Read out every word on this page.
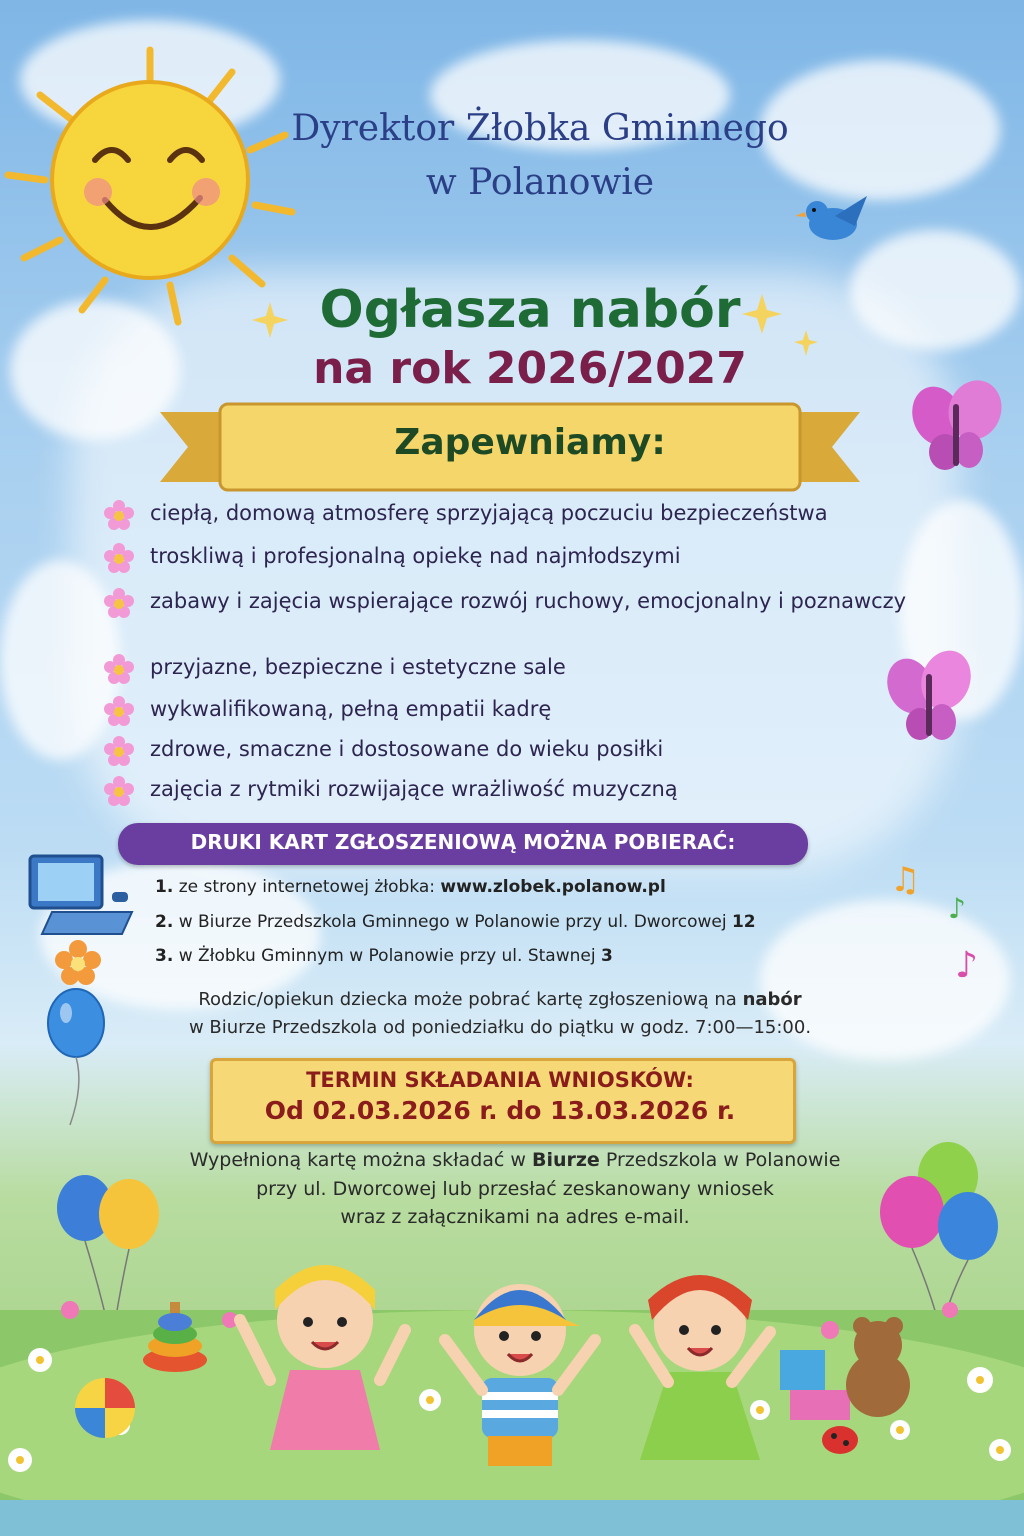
Dyrektor Żłobka Gminnego
w Polanowie
Ogłasza nabór
na rok 2026/2027
Zapewniamy:
ciepłą, domową atmosferę sprzyjającą poczuciu bezpieczeństwa
troskliwą i profesjonalną opiekę nad najmłodszymi
zabawy i zajęcia wspierające rozwój ruchowy, emocjonalny i poznawczy
przyjazne, bezpieczne i estetyczne sale
wykwalifikowaną, pełną empatii kadrę
zdrowe, smaczne i dostosowane do wieku posiłki
zajęcia z rytmiki rozwijające wrażliwość muzyczną
DRUKI KART ZGŁOSZENIOWĄ MOŻNA POBIERAĆ:
1. ze strony internetowej żłobka: www.zlobek.polanow.pl
2. w Biurze Przedszkola Gminnego w Polanowie przy ul. Dworcowej 12
3. w Żłobku Gminnym w Polanowie przy ul. Stawnej 3
♫
♪
♪
Rodzic/opiekun dziecka może pobrać kartę zgłoszeniową na nabór
w Biurze Przedszkola od poniedziałku do piątku w godz. 7:00—15:00.
TERMIN SKŁADANIA WNIOSKÓW:
Od 02.03.2026 r. do 13.03.2026 r.
Wypełnioną kartę można składać w Biurze Przedszkola w Polanowie
przy ul. Dworcowej lub przesłać zeskanowany wniosek
wraz z załącznikami na adres e-mail.
